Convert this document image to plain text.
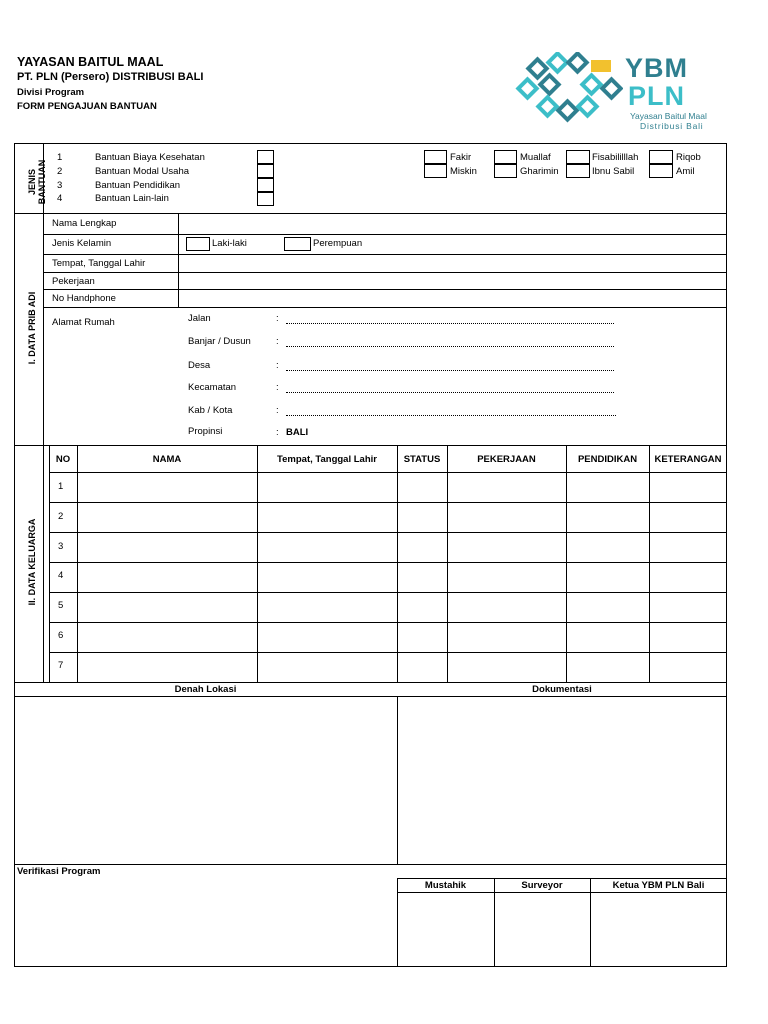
YAYASAN BAITUL MAAL
PT. PLN (Persero) DISTRIBUSI BALI
Divisi Program
FORM PENGAJUAN BANTUAN
YBM
PLN
Yayasan Baitul Maal
Distribusi Bali
JENIS BANTUAN
1	Bantuan Biaya Kesehatan
2	Bantuan Modal Usaha
3	Bantuan Pendidikan
4	Bantuan Lain-lain
Fakir	Muallaf	Fisabililllah	Riqob
Miskin	Gharimin	Ibnu Sabil	Amil
I. DATA PRIB ADI
Nama Lengkap
Jenis Kelamin	Laki-laki	Perempuan
Tempat, Tanggal Lahir
Pekerjaan
No Handphone
Alamat Rumah	Jalan	:
Banjar / Dusun	:
Desa	:
Kecamatan	:
Kab / Kota	:
Propinsi	: BALI
II. DATA KELUARGA
NO	NAMA	Tempat, Tanggal Lahir	STATUS	PEKERJAAN	PENDIDIKAN	KETERANGAN
1
2
3
4
5
6
7
Denah Lokasi	Dokumentasi
Verifikasi Program
Mustahik	Surveyor	Ketua YBM PLN Bali
